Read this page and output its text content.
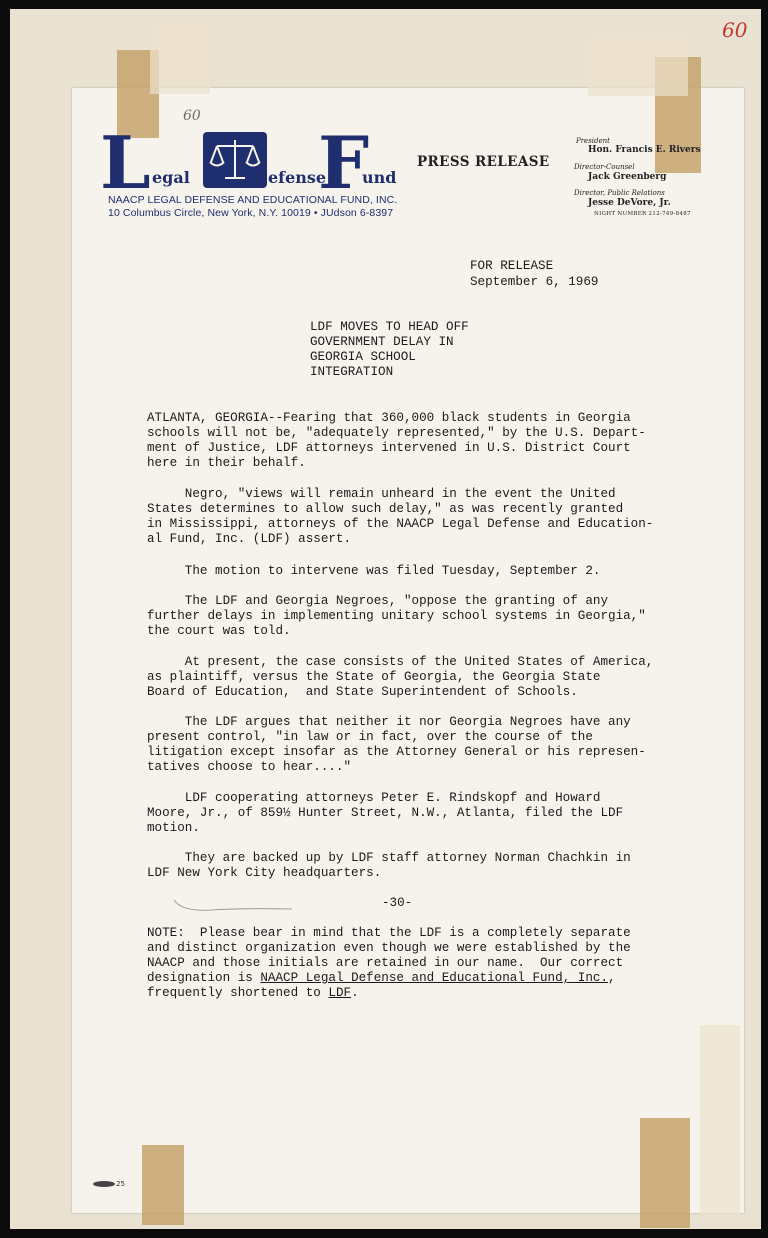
60
60
L egal	efense
F
und
NAACP LEGAL DEFENSE AND EDUCATIONAL FUND, INC.
10 Columbus Circle, New York, N.Y. 10019 • JUdson 6-8397
PRESS RELEASE
President
Hon. Francis E. Rivers
Director-Counsel
Jack Greenberg
Director, Public Relations
Jesse DeVore, Jr.
NIGHT NUMBER 212-749-8487
FOR RELEASE
September 6, 1969
LDF MOVES TO HEAD OFF
GOVERNMENT DELAY IN
GEORGIA SCHOOL
INTEGRATION
ATLANTA, GEORGIA--Fearing that 360,000 black students in Georgia
schools will not be, "adequately represented," by the U.S. Depart-
ment of Justice, LDF attorneys intervened in U.S. District Court
here in their behalf.
Negro, "views will remain unheard in the event the United
States determines to allow such delay," as was recently granted
in Mississippi, attorneys of the NAACP Legal Defense and Education-
al Fund, Inc. (LDF) assert.
The motion to intervene was filed Tuesday, September 2.
The LDF and Georgia Negroes, "oppose the granting of any
further delays in implementing unitary school systems in Georgia,"
the court was told.
At present, the case consists of the United States of America,
as plaintiff, versus the State of Georgia, the Georgia State
Board of Education,  and State Superintendent of Schools.
The LDF argues that neither it nor Georgia Negroes have any
present control, "in law or in fact, over the course of the
litigation except insofar as the Attorney General or his represen-
tatives choose to hear...."
LDF cooperating attorneys Peter E. Rindskopf and Howard
Moore, Jr., of 859½ Hunter Street, N.W., Atlanta, filed the LDF
motion.
They are backed up by LDF staff attorney Norman Chachkin in
LDF New York City headquarters.
-30-
NOTE:  Please bear in mind that the LDF is a completely separate
and distinct organization even though we were established by the
NAACP and those initials are retained in our name.  Our correct
designation is NAACP Legal Defense and Educational Fund, Inc.,
frequently shortened to LDF.
25
